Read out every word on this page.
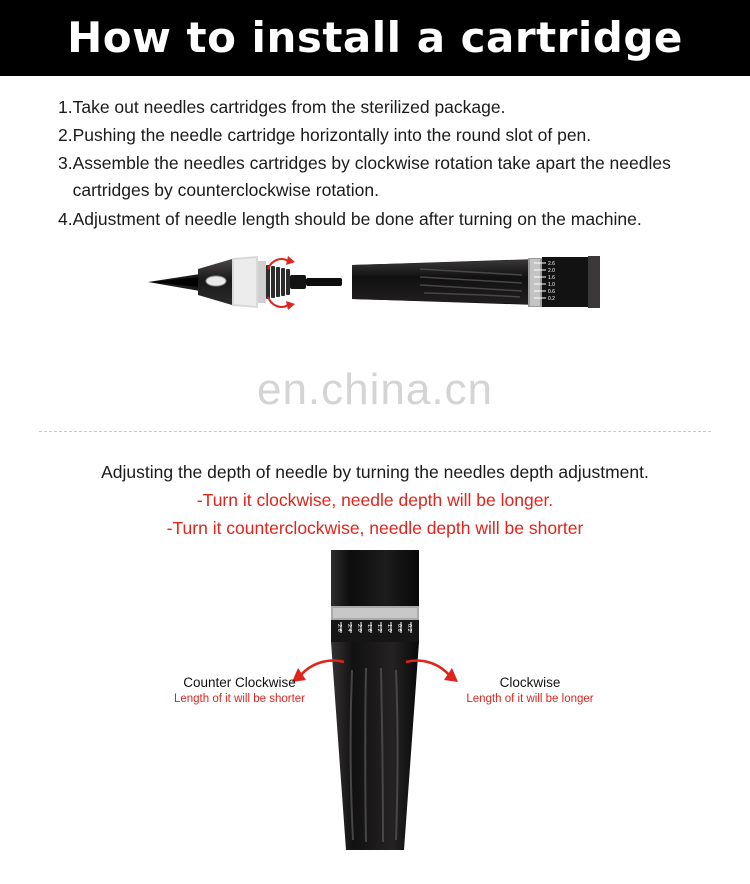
How to install a cartridge
1. Take out needles cartridges from the sterilized package.
2. Pushing the needle cartridge horizontally into the round slot of pen.
3. Assemble the needles cartridges by clockwise rotation take apart the needles cartridges by counterclockwise rotation.
4. Adjustment of needle length should be done after turning on the machine.
2.6
2.0
1.6
1.0
0.6
0.2
en.china.cn
Adjusting the depth of needle by turning the needles depth adjustment.
-Turn it clockwise, needle depth will be longer.
-Turn it counterclockwise, needle depth will be shorter
2.6 2.4 2.0 1.6 1.2 1.0 0.6 0.2
Counter Clockwise
Length of it will be shorter
Clockwise
Length of it will be longer
